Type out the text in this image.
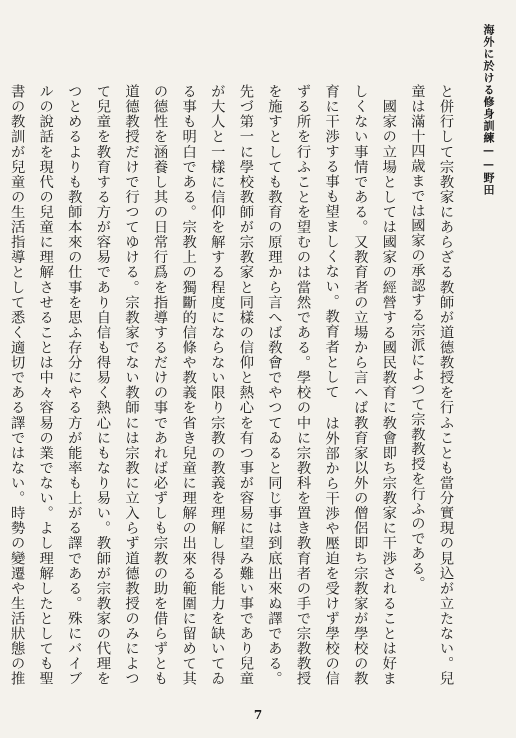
海外に於ける修身訓練——野田

と併行して宗教家にあらざる教師が道德教授を行ふことも當分實現の見込が立たない。兒童は滿十四歳までは國家の承認する宗派によつて宗教教授を行ふのである。

　國家の立場としては國家の經營する國民教育に敎會即ち宗教家に干渉されることは好ましくない事情である。又教育者の立場から言へば教育家以外の僧侶即ち宗教家が學校の教育に干渉する事も望ましくない。教育者として は外部から干渉や壓迫を受けず學校の信ずる所を行ふことを望むのは當然である。學校の中に宗教科を置き教育者の手で宗教教授を施すとしても教育の原理から言へば敎會でやつてゐると同じ事は到底出來ぬ譯である。先づ第一に學校教師が宗教家と同樣の信仰と熱心を有つ事が容易に望み難い事であり兒童が大人と一樣に信仰を解する程度にならない限り宗教の教義を理解し得る能力を缺いてゐる事も明白である。宗教上の獨斷的信條や教義を省き兒童に理解の出來る範圍に留めて其の德性を涵養し其の日常行爲を指導するだけの事であれば必ずしも宗教の助を借らずとも道德教授だけで行つてゆける。宗教家でない教師には宗教に立入らず道德教授のみによつて兒童を教育する方が容易であり自信も得易く熱心にもなり易い。教師が宗教家の代理をつとめるよりも教師本來の仕事を思ふ存分にやる方が能率も上がる譯である。殊にバイブルの說話を現代の兒童に理解させることは中々容易の業でない。よし理解したとしても聖書の教訓が兒童の生活指導として悉く適切である譯ではない。時勢の變遷や生活狀態の推

7
